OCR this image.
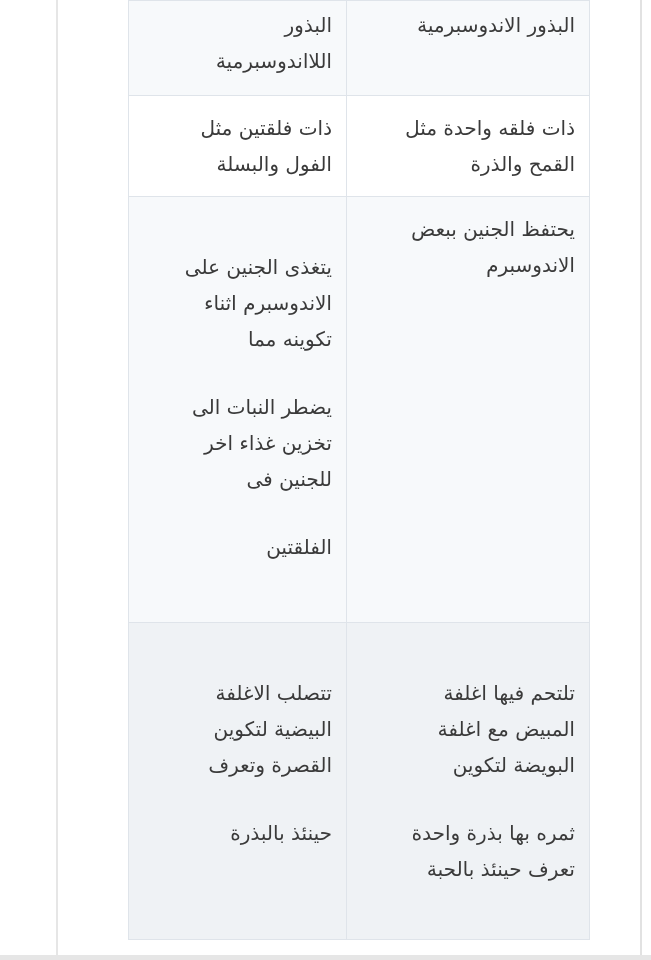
البذور الاندوسبرمية

البذور
اللااندوسبرمية

ذات فلقه واحدة مثل
القمح والذرة

ذات فلقتين مثل
الفول والبسلة

يحتفظ الجنين ببعض
الاندوسبرم

يتغذى الجنين على
الاندوسبرم اثناء
تكوينه مما

يضطر النبات الى
تخزين غذاء اخر
للجنين فى

الفلقتين

تلتحم فيها اغلفة
المبيض مع اغلفة
البويضة لتكوين

ثمره بها بذرة واحدة
تعرف حينئذ بالحبة

تتصلب الاغلفة
البيضية لتكوين
القصرة وتعرف

حينئذ بالبذرة
